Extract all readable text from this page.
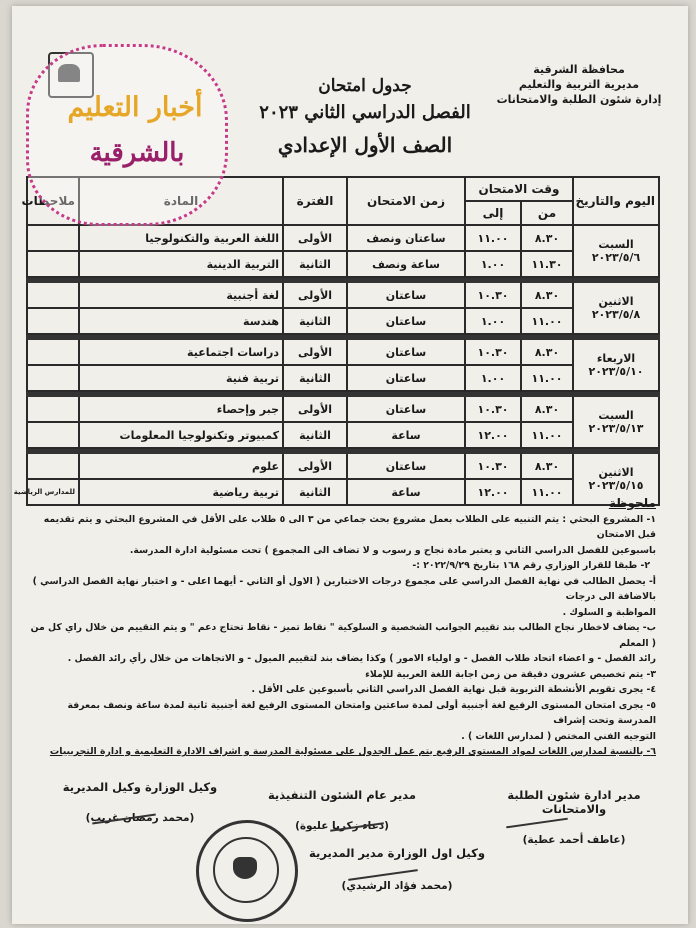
محافظة الشرقية
مديرية التربية والتعليم
إدارة شئون الطلبة والامتحانات
جدول امتحان
الفصل الدراسي الثاني ٢٠٢٣
الصف الأول الإعدادي
اليوم والتاريخ	وقت الامتحان		زمن الامتحان	الفترة	المادة	ملاحظات
	من	إلى				

السبت
٢٠٢٣/٥/٦	٨.٣٠	١١.٠٠	ساعتان ونصف	الأولى	اللغة العربية والتكنولوجيا	
	١١.٣٠	١.٠٠	ساعة ونصف	الثانية	التربية الدينية	

الاثنين
٢٠٢٣/٥/٨	٨.٣٠	١٠.٣٠	ساعتان	الأولى	لغة أجنبية	
	١١.٠٠	١.٠٠	ساعتان	الثانية	هندسة	

الاربعاء
٢٠٢٣/٥/١٠	٨.٣٠	١٠.٣٠	ساعتان	الأولى	دراسات اجتماعية	
	١١.٠٠	١.٠٠	ساعتان	الثانية	تربية فنية	

السبت
٢٠٢٣/٥/١٣	٨.٣٠	١٠.٣٠	ساعتان	الأولى	جبر وإحصاء	
	١١.٠٠	١٢.٠٠	ساعة	الثانية	كمبيوتر وتكنولوجيا المعلومات	

الاثنين
٢٠٢٣/٥/١٥	٨.٣٠	١٠.٣٠	ساعتان	الأولى	علوم	
	١١.٠٠	١٢.٠٠	ساعة	الثانية	تربية رياضية	للمدارس الرياضية
أخبار التعليم
بالشرقية

ملحوظة

١- المشروع البحثي : يتم التنبيه على الطلاب بعمل مشروع بحث جماعي من ٣ الى ٥ طلاب على الأقل في المشروع البحثي و يتم تقديمه قبل الامتحان

باسبوعين للفصل الدراسي الثاني و يعتبر مادة نجاح و رسوب و لا تضاف الى المجموع ) تحت مسئولية ادارة المدرسة.

٢- طبقا للقرار الوزاري رقم ١٦٨ بتاريخ ٢٠٢٢/٩/٢٩ :-

أ- يحصل الطالب في نهاية الفصل الدراسي على مجموع درجات الاختبارين ( الاول أو الثاني - أيهما اعلى - و اختبار نهاية الفصل الدراسي ) بالاضافة الى درجات

المواظبة و السلوك .

ب- يضاف لاخطار نجاح الطالب بند تقييم الجوانب الشخصية و السلوكية " نقاط تميز - نقاط تحتاج دعم " و يتم التقييم من خلال راي كل من ( المعلم

رائد الفصل - و اعضاء اتحاد طلاب الفصل - و اولياء الامور ) وكذا يضاف بند لتقييم الميول - و الاتجاهات من خلال رأي رائد الفصل .

٣- يتم تخصيص عشرون دقيقة من زمن اجابة اللغة العربية للإملاء

٤- يجرى تقويم الأنشطة التربوية قبل نهاية الفصل الدراسي الثاني بأسبوعين على الأقل .

٥- يجرى امتحان المستوى الرفيع لغة أجنبية أولى لمدة ساعتين وامتحان المستوى الرفيع لغة أجنبية ثانية لمدة ساعة ونصف بمعرفة المدرسة وتحت إشراف

التوجيه الفني المختص ( لمدارس اللغات ) .

٦- بالنسبة لمدارس اللغات لمواد المستوى الرفيع يتم عمل الجدول على مسئولية المدرسة و اشراف الادارة التعليمية و ادارة التجريبيات

مدير ادارة شئون الطلبة والامتحانات
(عاطف أحمد عطية)
مدير عام الشئون التنفيذية
(دعاء زكريا عليوة)
وكيل الوزارة وكيل المديرية
(محمد رمضان غريب)
وكيل اول الوزارة مدير المديرية
(محمد فؤاد الرشيدي)
